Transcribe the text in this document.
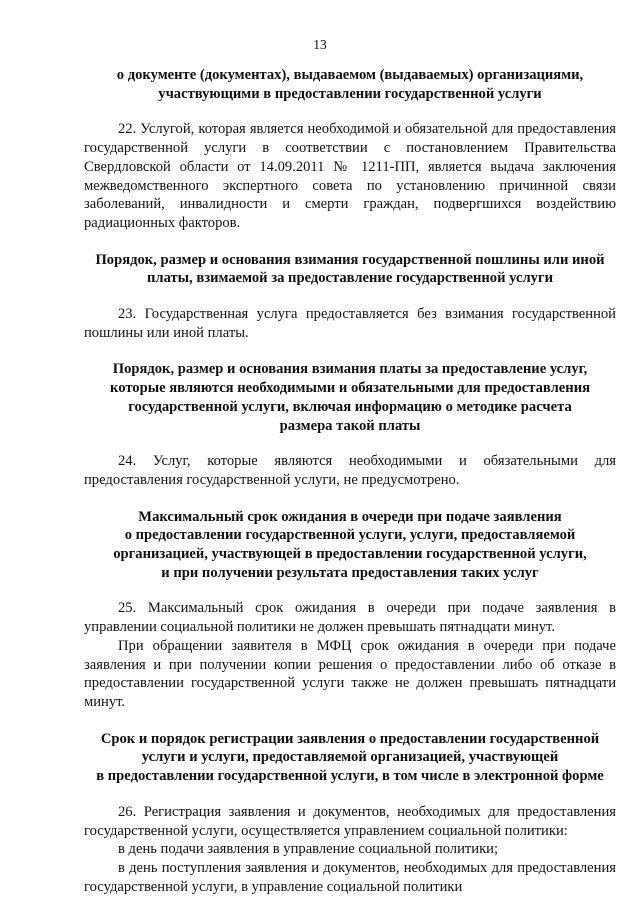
13

о документе (документах), выдаваемом (выдаваемых) организациями,
участвующими в предоставлении государственной услуги

22. Услугой, которая является необходимой и обязательной для предоставления государственной услуги в соответствии с постановлением Правительства Свердловской области от 14.09.2011 № 1211-ПП, является выдача заключения межведомственного экспертного совета по установлению причинной связи заболеваний, инвалидности и смерти граждан, подвергшихся воздействию радиационных факторов.

Порядок, размер и основания взимания государственной пошлины или иной
платы, взимаемой за предоставление государственной услуги

23. Государственная услуга предоставляется без взимания государственной пошлины или иной платы.

Порядок, размер и основания взимания платы за предоставление услуг,
которые являются необходимыми и обязательными для предоставления
государственной услуги, включая информацию о методике расчета
размера такой платы

24. Услуг, которые являются необходимыми и обязательными для предоставления государственной услуги, не предусмотрено.

Максимальный срок ожидания в очереди при подаче заявления
о предоставлении государственной услуги, услуги, предоставляемой
организацией, участвующей в предоставлении государственной услуги,
и при получении результата предоставления таких услуг

25. Максимальный срок ожидания в очереди при подаче заявления в управлении социальной политики не должен превышать пятнадцати минут.

При обращении заявителя в МФЦ срок ожидания в очереди при подаче заявления и при получении копии решения о предоставлении либо об отказе в предоставлении государственной услуги также не должен превышать пятнадцати минут.

Срок и порядок регистрации заявления о предоставлении государственной
услуги и услуги, предоставляемой организацией, участвующей
в предоставлении государственной услуги, в том числе в электронной форме

26. Регистрация заявления и документов, необходимых для предоставления государственной услуги, осуществляется управлением социальной политики:

в день подачи заявления в управление социальной политики;

в день поступления заявления и документов, необходимых для предоставления государственной услуги, в управление социальной политики
